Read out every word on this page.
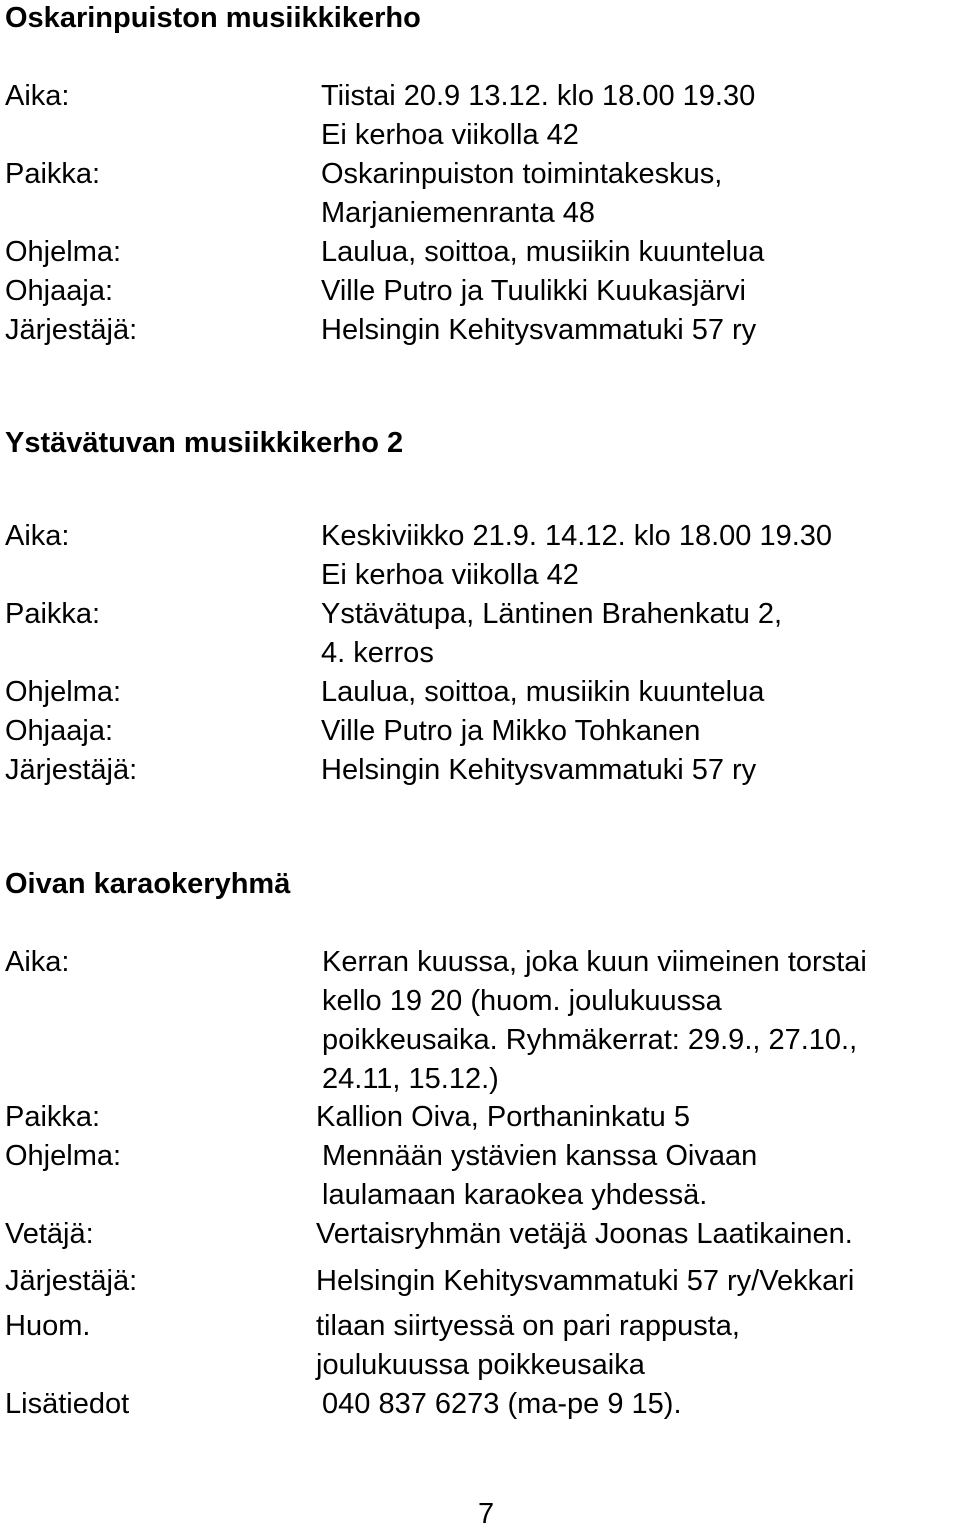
Oskarinpuiston musiikkikerho
Aika:	Tiistai 20.9 13.12. klo 18.00 19.30
Ei kerhoa viikolla 42
Paikka:	Oskarinpuiston toimintakeskus,
Marjaniemenranta 48
Ohjelma:	Laulua, soittoa, musiikin kuuntelua
Ohjaaja:	Ville Putro ja Tuulikki Kuukasjärvi
Järjestäjä:	Helsingin Kehitysvammatuki 57 ry
Ystävätuvan musiikkikerho 2
Aika:	Keskiviikko 21.9. 14.12. klo 18.00 19.30
Ei kerhoa viikolla 42
Paikka:	Ystävätupa, Läntinen Brahenkatu 2,
4. kerros
Ohjelma:	Laulua, soittoa, musiikin kuuntelua
Ohjaaja:	Ville Putro ja Mikko Tohkanen
Järjestäjä:	Helsingin Kehitysvammatuki 57 ry
Oivan karaokeryhmä
Aika:	Kerran kuussa, joka kuun viimeinen torstai
kello 19 20 (huom. joulukuussa
poikkeusaika. Ryhmäkerrat: 29.9., 27.10.,
24.11, 15.12.)
Paikka:	Kallion Oiva, Porthaninkatu 5
Ohjelma:	Mennään ystävien kanssa Oivaan
laulamaan karaokea yhdessä.
Vetäjä:	Vertaisryhmän vetäjä Joonas Laatikainen.
Järjestäjä:	Helsingin Kehitysvammatuki 57 ry/Vekkari
Huom.	tilaan siirtyessä on pari rappusta,
joulukuussa poikkeusaika
Lisätiedot	040 837 6273 (ma-pe 9 15).
7
